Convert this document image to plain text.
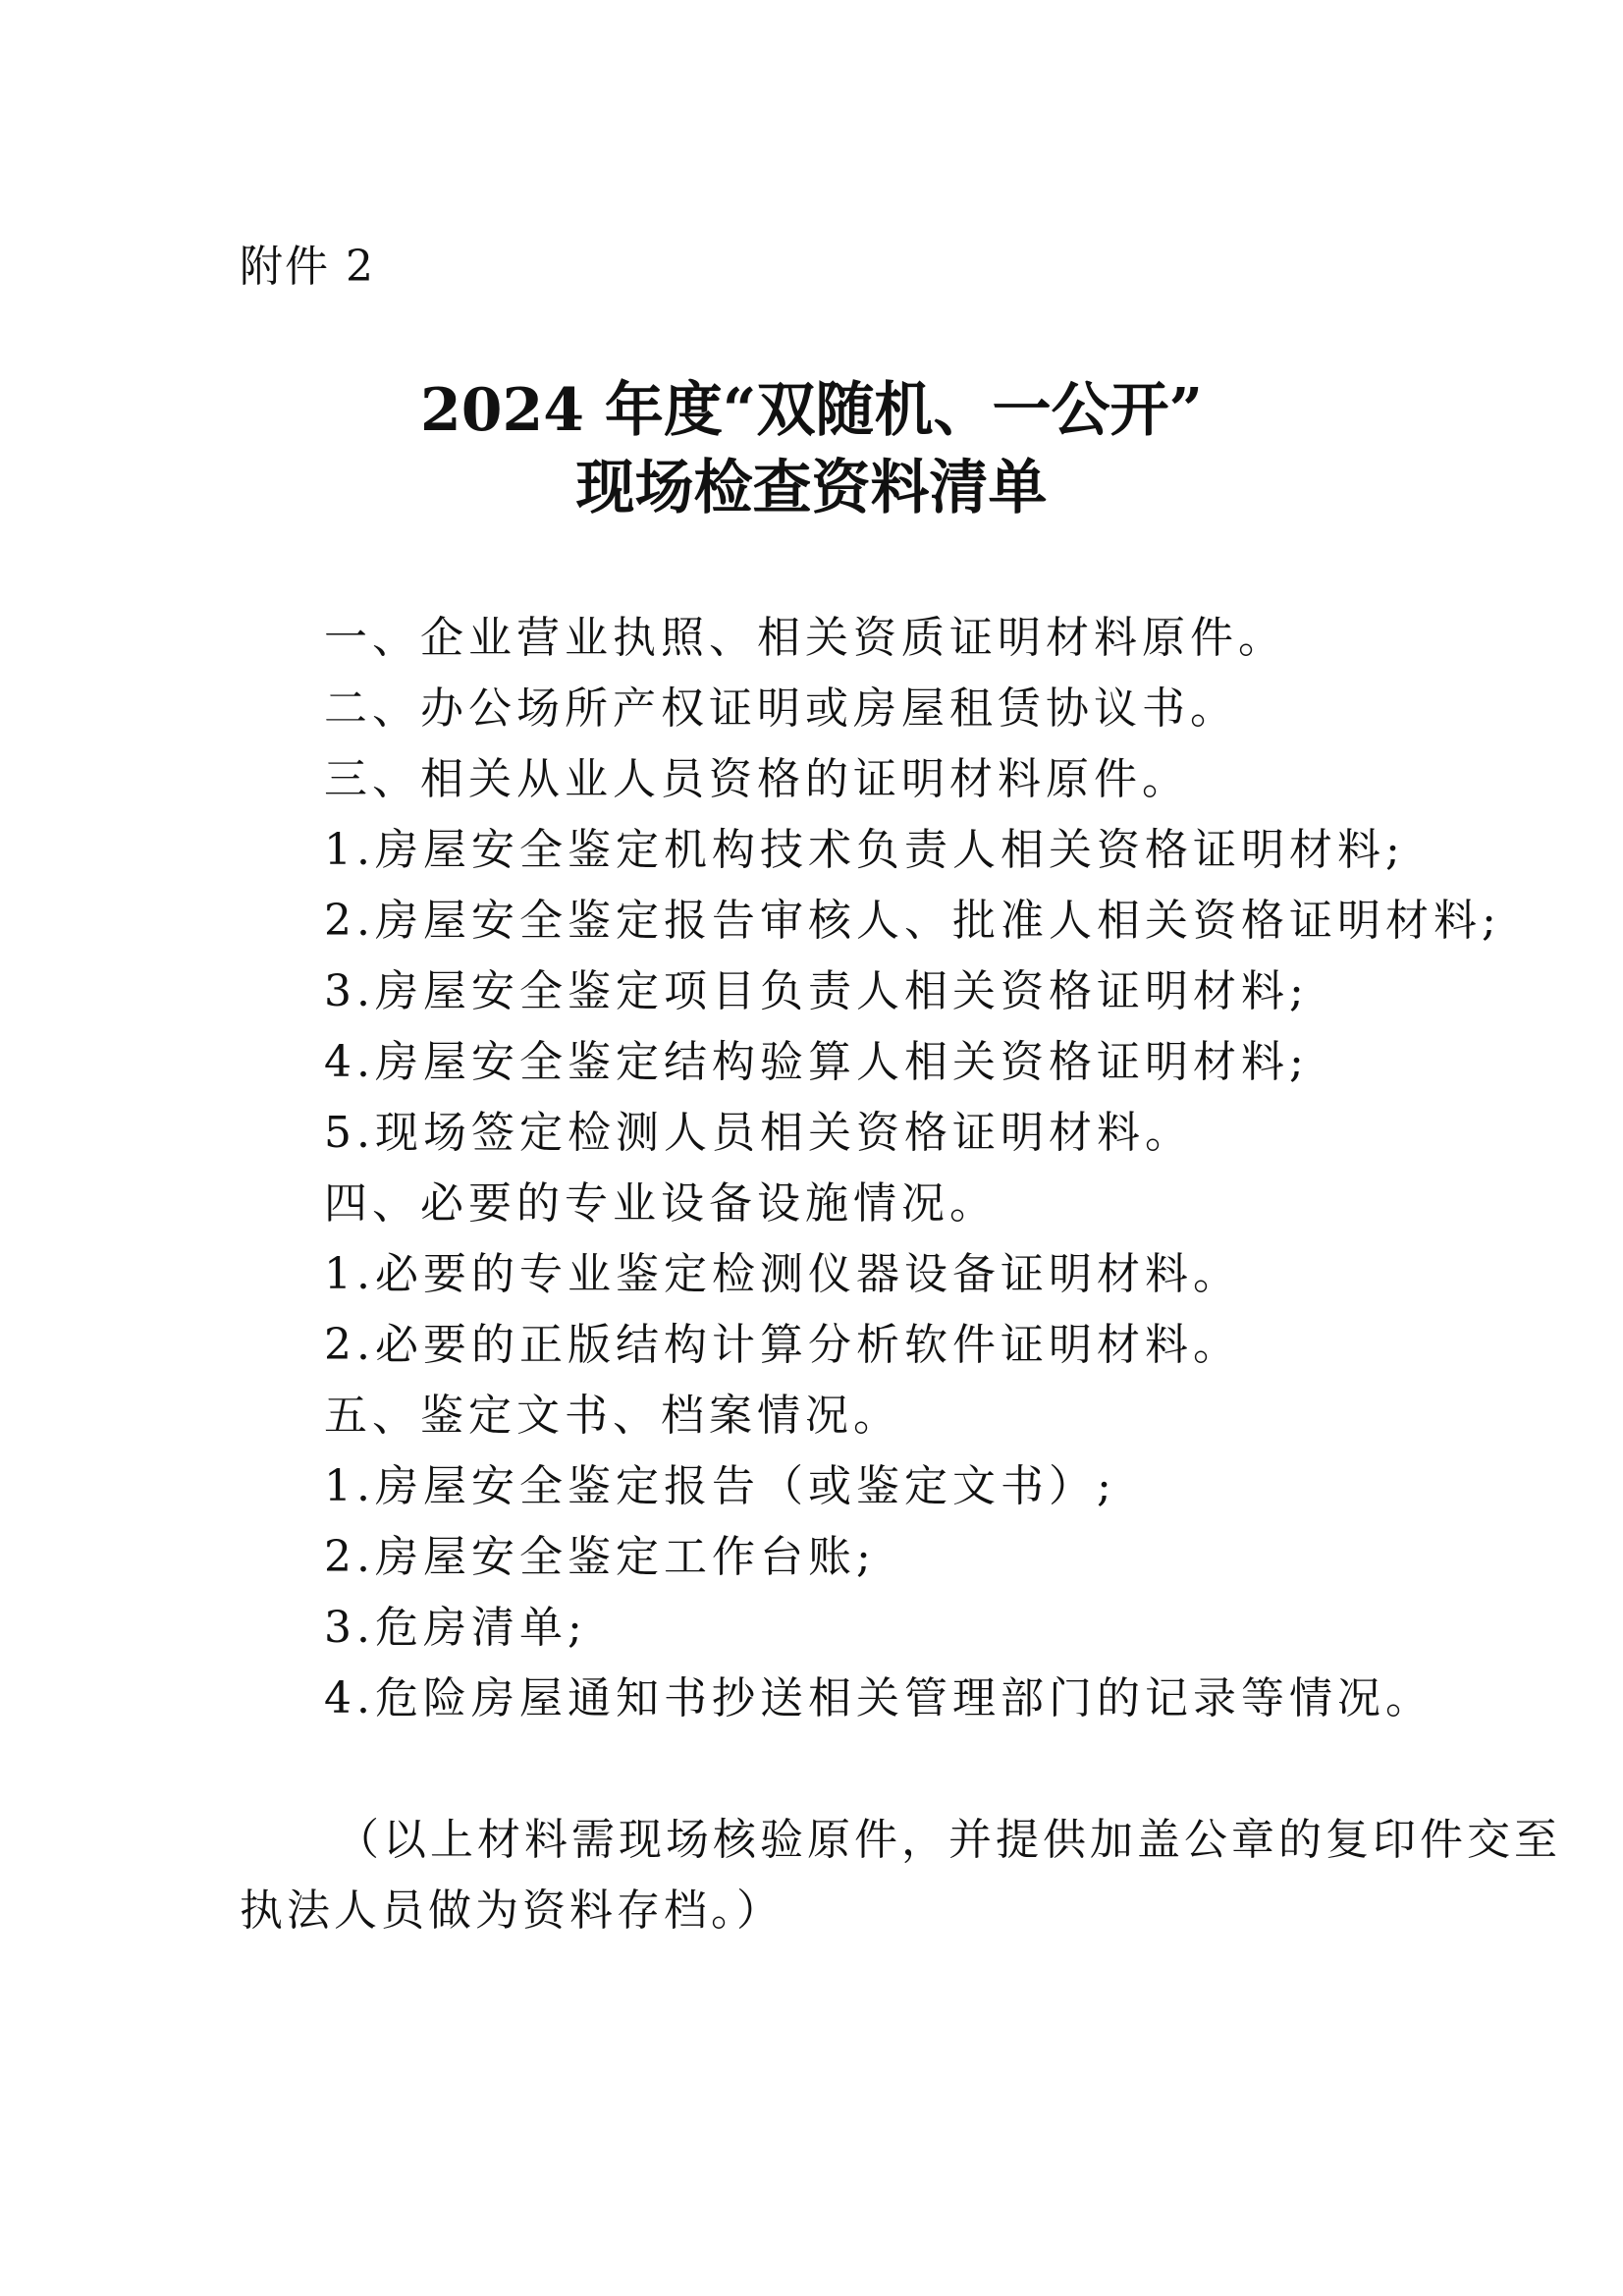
附件 2
2024 年度“双随机、一公开”
现场检查资料清单
一、企业营业执照、相关资质证明材料原件。
二、办公场所产权证明或房屋租赁协议书。
三、相关从业人员资格的证明材料原件。
1.房屋安全鉴定机构技术负责人相关资格证明材料;
2.房屋安全鉴定报告审核人、批准人相关资格证明材料;
3.房屋安全鉴定项目负责人相关资格证明材料;
4.房屋安全鉴定结构验算人相关资格证明材料;
5.现场签定检测人员相关资格证明材料。
四、必要的专业设备设施情况。
1.必要的专业鉴定检测仪器设备证明材料。
2.必要的正版结构计算分析软件证明材料。
五、鉴定文书、档案情况。
1.房屋安全鉴定报告（或鉴定文书）;
2.房屋安全鉴定工作台账;
3.危房清单;
4.危险房屋通知书抄送相关管理部门的记录等情况。
（以上材料需现场核验原件，并提供加盖公章的复印件交至
执法人员做为资料存档。）
